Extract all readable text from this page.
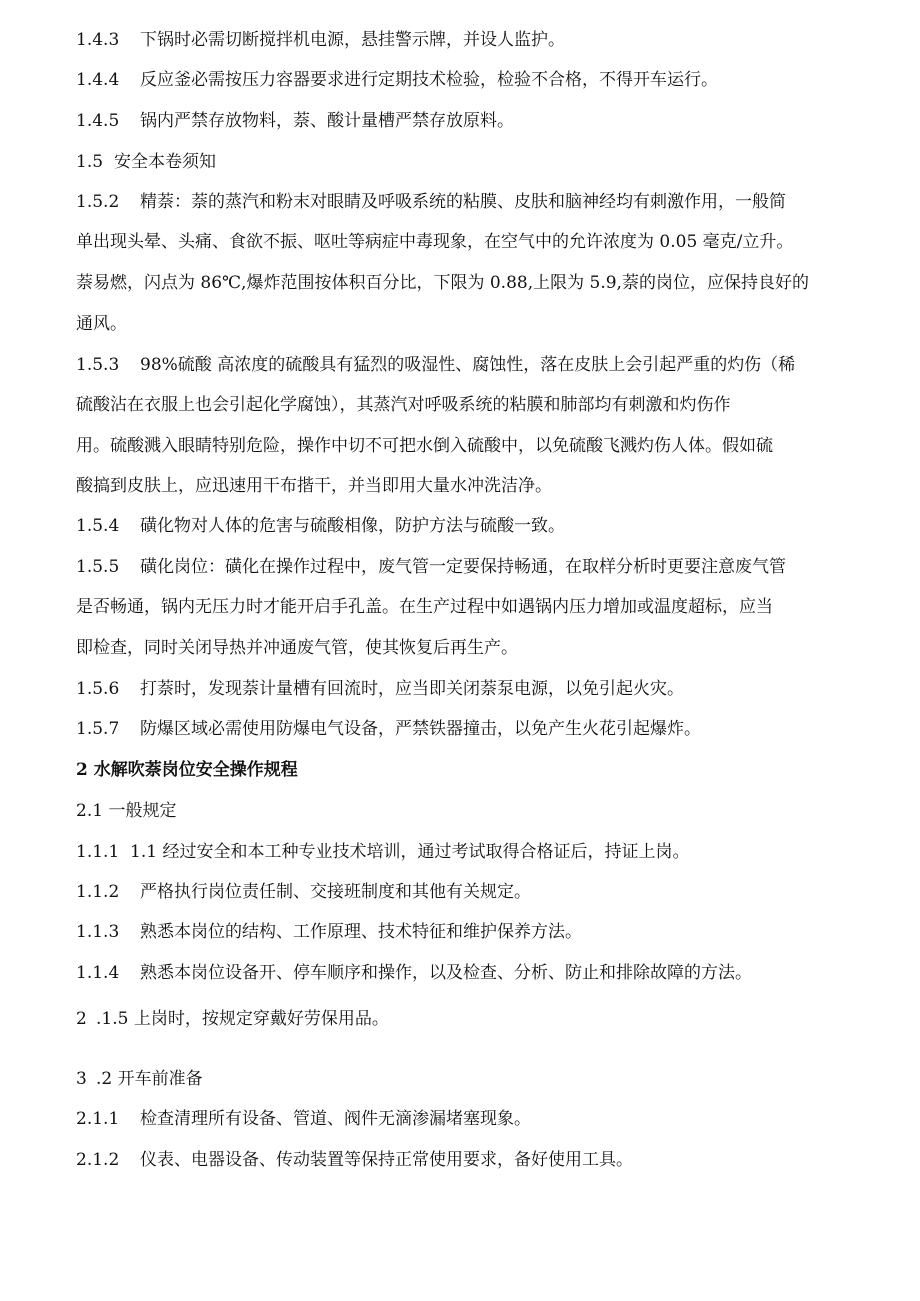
1.4.3 下锅时必需切断搅拌机电源，悬挂警示牌，并设人监护。
1.4.4 反应釜必需按压力容器要求进行定期技术检验，检验不合格，不得开车运行。
1.4.5 锅内严禁存放物料，萘、酸计量槽严禁存放原料。
1.5 安全本卷须知
1.5.2 精萘：萘的蒸汽和粉末对眼睛及呼吸系统的粘膜、皮肤和脑神经均有刺激作用，一般简
单出现头晕、头痛、食欲不振、呕吐等病症中毒现象，在空气中的允许浓度为 0.05 毫克/立升。
萘易燃，闪点为 86℃,爆炸范围按体积百分比，下限为 0.88,上限为 5.9,萘的岗位，应保持良好的
通风。
1.5.3 98%硫酸 高浓度的硫酸具有猛烈的吸湿性、腐蚀性，落在皮肤上会引起严重的灼伤（稀
硫酸沾在衣服上也会引起化学腐蚀），其蒸汽对呼吸系统的粘膜和肺部均有刺激和灼伤作
用。硫酸溅入眼睛特别危险，操作中切不可把水倒入硫酸中，以免硫酸飞溅灼伤人体。假如硫
酸搞到皮肤上，应迅速用干布揩干，并当即用大量水冲洗洁净。
1.5.4 磺化物对人体的危害与硫酸相像，防护方法与硫酸一致。
1.5.5 磺化岗位：磺化在操作过程中，废气管一定要保持畅通，在取样分析时更要注意废气管
是否畅通，锅内无压力时才能开启手孔盖。在生产过程中如遇锅内压力增加或温度超标，应当
即检查，同时关闭导热并冲通废气管，使其恢复后再生产。
1.5.6 打萘时，发现萘计量槽有回流时，应当即关闭萘泵电源，以免引起火灾。
1.5.7 防爆区域必需使用防爆电气设备，严禁铁器撞击，以免产生火花引起爆炸。
2 水解吹萘岗位安全操作规程
2.1 一般规定
1.1.1 1.1 经过安全和本工种专业技术培训，通过考试取得合格证后，持证上岗。
1.1.2 严格执行岗位责任制、交接班制度和其他有关规定。
1.1.3 熟悉本岗位的结构、工作原理、技术特征和维护保养方法。
1.1.4 熟悉本岗位设备开、停车顺序和操作，以及检查、分析、防止和排除故障的方法。
2 .1.5 上岗时，按规定穿戴好劳保用品。
3 .2 开车前准备
2.1.1 检查清理所有设备、管道、阀件无滴渗漏堵塞现象。
2.1.2 仪表、电器设备、传动装置等保持正常使用要求，备好使用工具。
